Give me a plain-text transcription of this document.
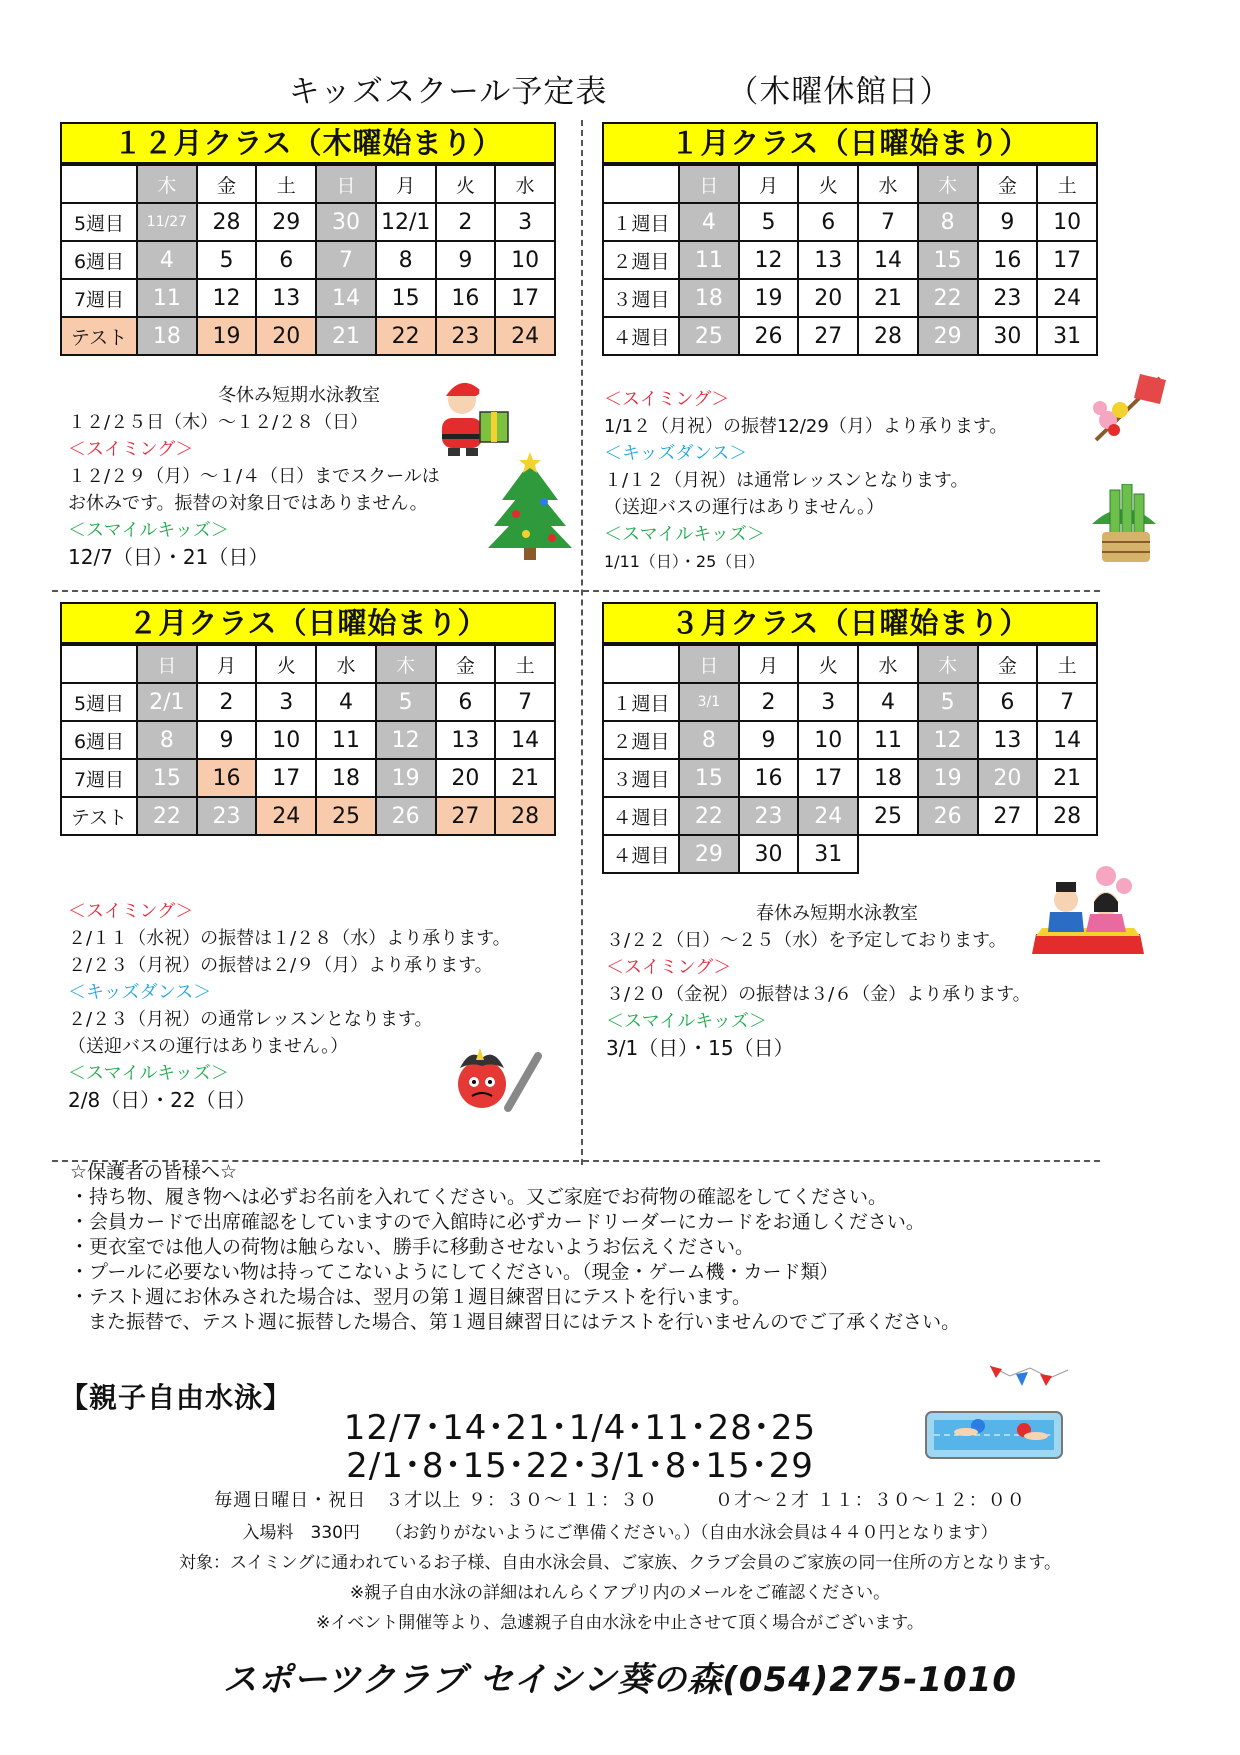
キッズスクール予定表	（木曜休館日）
１２月クラス（木曜始まり）
	木	金	土	日	月	火	水
5週目	11/27	28	29	30	12/1	2	3
6週目	4	5	6	7	8	9	10
7週目	11	12	13	14	15	16	17
テスト	18	19	20	21	22	23	24
１月クラス（日曜始まり）
	日	月	火	水	木	金	土
１週目	4	5	6	7	8	9	10
２週目	11	12	13	14	15	16	17
３週目	18	19	20	21	22	23	24
４週目	25	26	27	28	29	30	31
冬休み短期水泳教室
１２/２５日（木）～１２/２８（日）
＜スイミング＞
１２/２９（月）～１/４（日）までスクールは
お休みです。振替の対象日ではありません。
＜スマイルキッズ＞
12/7（日）・21（日）
＜スイミング＞
1/1２（月祝）の振替12/29（月）より承ります。
＜キッズダンス＞
１/１２（月祝）は通常レッスンとなります。
（送迎バスの運行はありません。）
＜スマイルキッズ＞
1/11（日）・25（日）
２月クラス（日曜始まり）
	日	月	火	水	木	金	土
5週目	2/1	2	3	4	5	6	7
6週目	8	9	10	11	12	13	14
7週目	15	16	17	18	19	20	21
テスト	22	23	24	25	26	27	28
３月クラス（日曜始まり）
	日	月	火	水	木	金	土
１週目	3/1	2	3	4	5	6	7
２週目	8	9	10	11	12	13	14
３週目	15	16	17	18	19	20	21
４週目	22	23	24	25	26	27	28
４週目	29	30	31				
＜スイミング＞
２/１１（水祝）の振替は１/２８（水）より承ります。
２/２３（月祝）の振替は２/９（月）より承ります。
＜キッズダンス＞
２/２３（月祝）の通常レッスンとなります。
（送迎バスの運行はありません。）
＜スマイルキッズ＞
2/8（日）・22（日）
春休み短期水泳教室
３/２２（日）～２５（水）を予定しております。
＜スイミング＞
３/２０（金祝）の振替は３/６（金）より承ります。
＜スマイルキッズ＞
3/1（日）・15（日）
☆保護者の皆様へ☆
・持ち物、履き物へは必ずお名前を入れてください。又ご家庭でお荷物の確認をしてください。
・会員カードで出席確認をしていますので入館時に必ずカードリーダーにカードをお通しください。
・更衣室では他人の荷物は触らない、勝手に移動させないようお伝えください。
・プールに必要ない物は持ってこないようにしてください。（現金・ゲーム機・カード類）
・テスト週にお休みされた場合は、翌月の第１週目練習日にテストを行います。
また振替で、テスト週に振替した場合、第１週目練習日にはテストを行いませんのでご了承ください。
【親子自由水泳】
12/7･14･21･1/4･11･28･25
2/1･8･15･22･3/1･8･15･29
毎週日曜日・祝日　３才以上 ９：３０～１１：３０　　　０才～２才 １１：３０～１２：００
入場料　330円　　（お釣りがないようにご準備ください。）（自由水泳会員は４４０円となります）
対象：スイミングに通われているお子様、自由水泳会員、ご家族、クラブ会員のご家族の同一住所の方となります。
※親子自由水泳の詳細はれんらくアプリ内のメールをご確認ください。
※イベント開催等より、急遽親子自由水泳を中止させて頂く場合がございます。
スポーツクラブ セイシン葵の森(054)275-1010
